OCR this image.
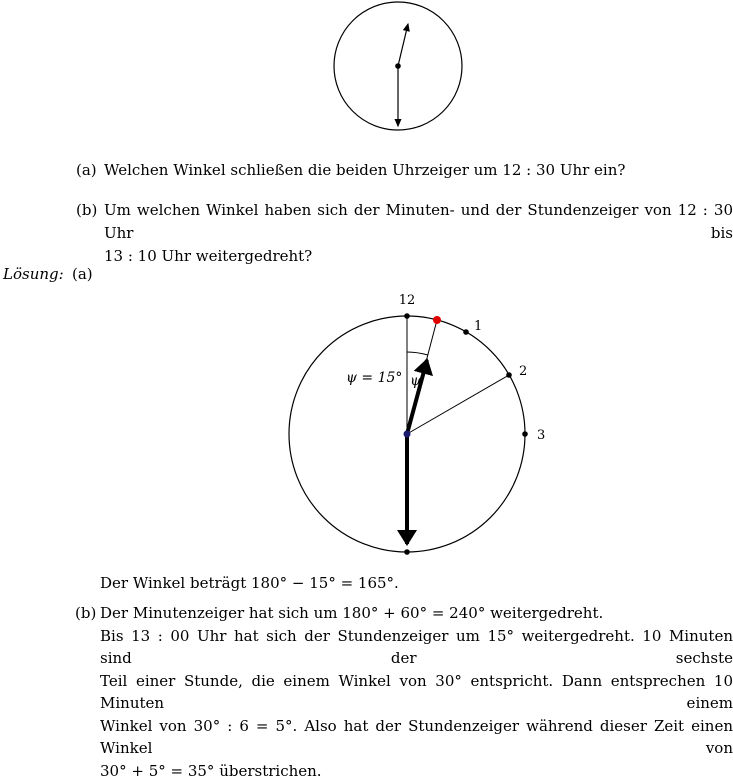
(a) Welchen Winkel schließen die beiden Uhrzeiger um 12 : 30 Uhr ein?
(b) Um welchen Winkel haben sich der Minuten- und der Stundenzeiger von 12 : 30 Uhr bis
13 : 10 Uhr weitergedreht?
Lösung: (a)
12
1
2
3
ψ = 15° ψ
Der Winkel beträgt 180° − 15° = 165°.
(b) Der Minutenzeiger hat sich um 180° + 60° = 240° weitergedreht.
Bis 13 : 00 Uhr hat sich der Stundenzeiger um 15° weitergedreht. 10 Minuten sind der sechste
Teil einer Stunde, die einem Winkel von 30° entspricht. Dann entsprechen 10 Minuten einem
Winkel von 30° : 6 = 5°. Also hat der Stundenzeiger während dieser Zeit einen Winkel von
30° + 5° = 35° überstrichen.
